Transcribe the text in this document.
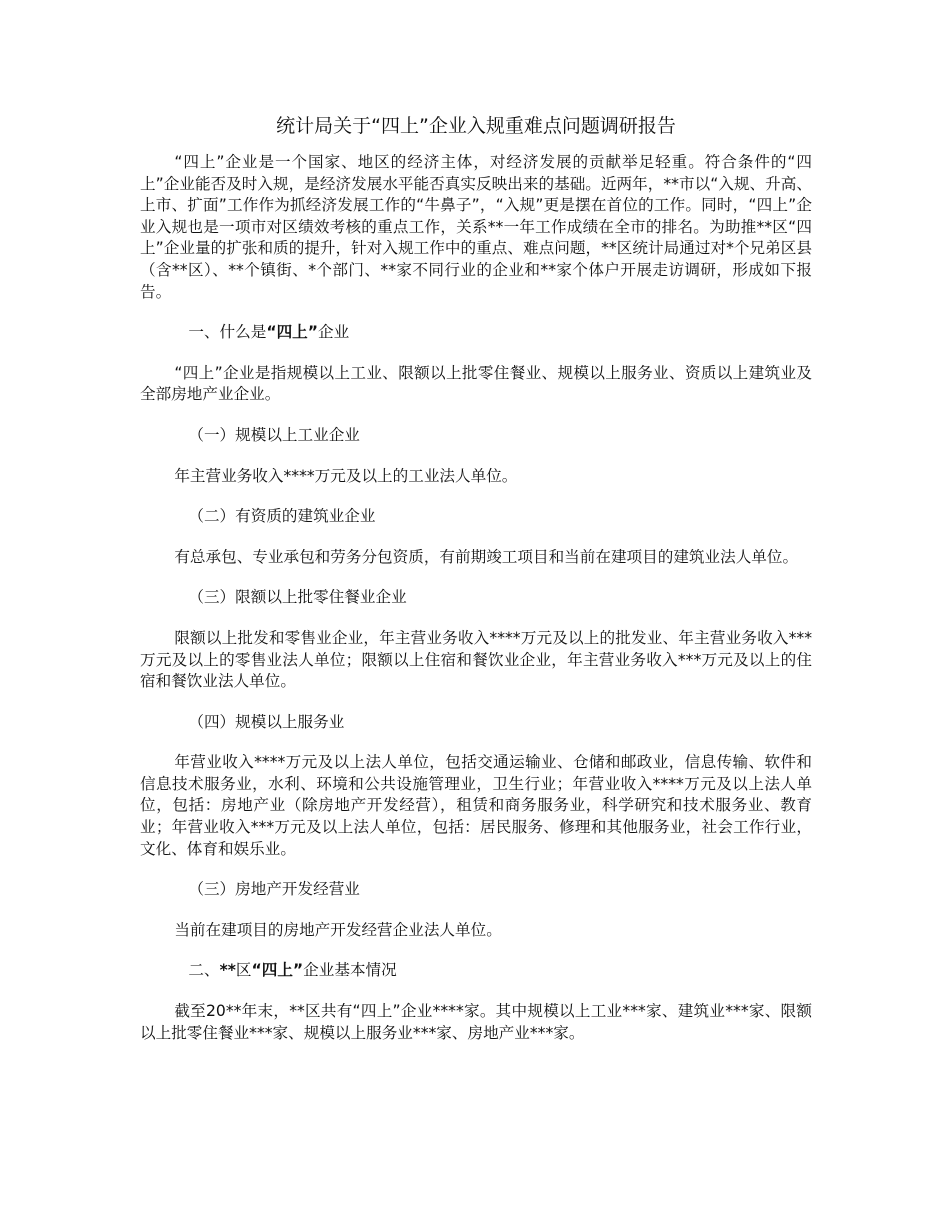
统计局关于“四上”企业入规重难点问题调研报告

“四上”企业是一个国家、地区的经济主体，对经济发展的贡献举足轻重。符合条件的“四上”企业能否及时入规，是经济发展水平能否真实反映出来的基础。近两年，**市以“入规、升高、上市、扩面”工作作为抓经济发展工作的“牛鼻子”，“入规”更是摆在首位的工作。同时，“四上”企业入规也是一项市对区绩效考核的重点工作，关系**一年工作成绩在全市的排名。为助推**区“四上”企业量的扩张和质的提升，针对入规工作中的重点、难点问题，**区统计局通过对*个兄弟区县（含**区）、**个镇街、*个部门、**家不同行业的企业和**家个体户开展走访调研，形成如下报告。

一、什么是“四上”企业

“四上”企业是指规模以上工业、限额以上批零住餐业、规模以上服务业、资质以上建筑业及全部房地产业企业。

（一）规模以上工业企业

年主营业务收入****万元及以上的工业法人单位。

（二）有资质的建筑业企业

有总承包、专业承包和劳务分包资质，有前期竣工项目和当前在建项目的建筑业法人单位。

（三）限额以上批零住餐业企业

限额以上批发和零售业企业，年主营业务收入****万元及以上的批发业、年主营业务收入***万元及以上的零售业法人单位；限额以上住宿和餐饮业企业，年主营业务收入***万元及以上的住宿和餐饮业法人单位。

（四）规模以上服务业

年营业收入****万元及以上法人单位，包括交通运输业、仓储和邮政业，信息传输、软件和信息技术服务业，水利、环境和公共设施管理业，卫生行业；年营业收入****万元及以上法人单位，包括：房地产业（除房地产开发经营），租赁和商务服务业，科学研究和技术服务业、教育业；年营业收入***万元及以上法人单位，包括：居民服务、修理和其他服务业，社会工作行业，文化、体育和娱乐业。

（三）房地产开发经营业

当前在建项目的房地产开发经营企业法人单位。

二、**区“四上”企业基本情况

截至20**年末，**区共有“四上”企业****家。其中规模以上工业***家、建筑业***家、限额以上批零住餐业***家、规模以上服务业***家、房地产业***家。
